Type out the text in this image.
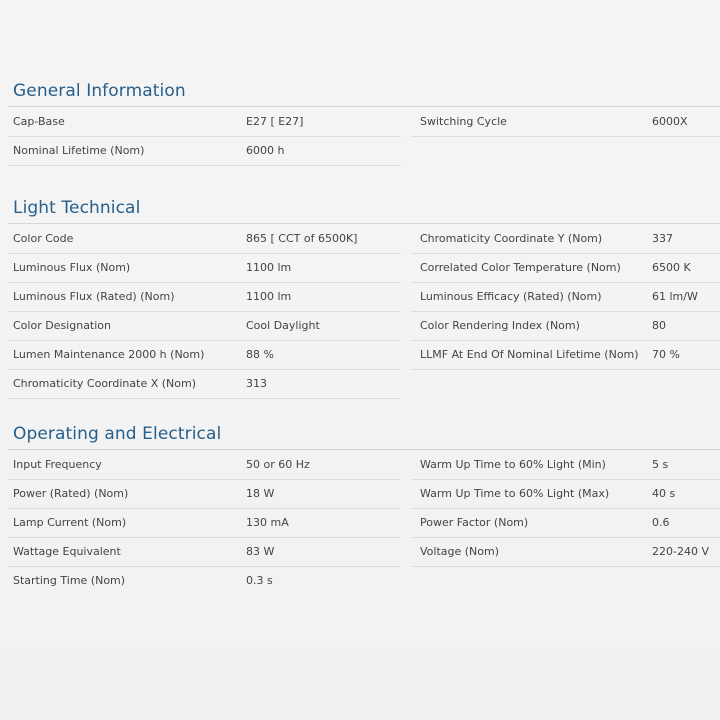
General Information
Cap-Base	E27 [ E27]
Nominal Lifetime (Nom)	6000 h
Switching Cycle	6000X
Light Technical
Color Code	865 [ CCT of 6500K]
Luminous Flux (Nom)	1100 lm
Luminous Flux (Rated) (Nom)	1100 lm
Color Designation	Cool Daylight
Lumen Maintenance 2000 h (Nom)	88 %
Chromaticity Coordinate X (Nom)	313
Chromaticity Coordinate Y (Nom)	337
Correlated Color Temperature (Nom)	6500 K
Luminous Efficacy (Rated) (Nom)	61 lm/W
Color Rendering Index (Nom)	80
LLMF At End Of Nominal Lifetime (Nom) 70 %
Operating and Electrical
Input Frequency	50 or 60 Hz
Power (Rated) (Nom)	18 W
Lamp Current (Nom)	130 mA
Wattage Equivalent	83 W
Starting Time (Nom)	0.3 s
Warm Up Time to 60% Light (Min)	5 s
Warm Up Time to 60% Light (Max)	40 s
Power Factor (Nom)	0.6
Voltage (Nom)	220-240 V
